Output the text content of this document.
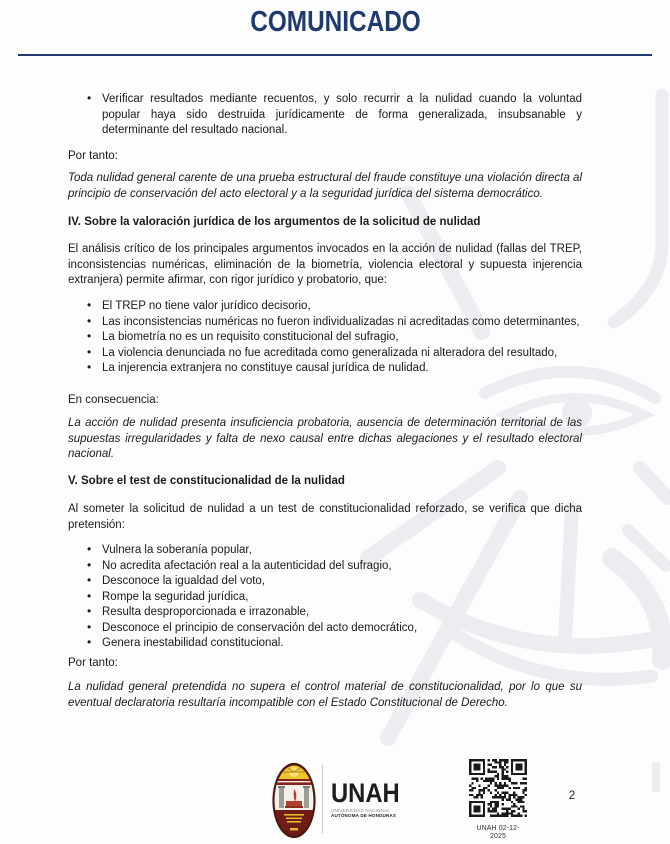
COMUNICADO
• Verificar resultados mediante recuentos, y solo recurrir a la nulidad cuando la voluntad popular haya sido destruida jurídicamente de forma generalizada, insubsanable y determinante del resultado nacional.

Por tanto:

Toda nulidad general carente de una prueba estructural del fraude constituye una violación directa al principio de conservación del acto electoral y a la seguridad jurídica del sistema democrático.

IV. Sobre la valoración jurídica de los argumentos de la solicitud de nulidad

El análisis crítico de los principales argumentos invocados en la acción de nulidad (fallas del TREP, inconsistencias numéricas, eliminación de la biometría, violencia electoral y supuesta injerencia extranjera) permite afirmar, con rigor jurídico y probatorio, que:

• El TREP no tiene valor jurídico decisorio,
• Las inconsistencias numéricas no fueron individualizadas ni acreditadas como determinantes,
• La biometría no es un requisito constitucional del sufragio,
• La violencia denunciada no fue acreditada como generalizada ni alteradora del resultado,
• La injerencia extranjera no constituye causal jurídica de nulidad.

En consecuencia:

La acción de nulidad presenta insuficiencia probatoria, ausencia de determinación territorial de las supuestas irregularidades y falta de nexo causal entre dichas alegaciones y el resultado electoral nacional.

V. Sobre el test de constitucionalidad de la nulidad

Al someter la solicitud de nulidad a un test de constitucionalidad reforzado, se verifica que dicha pretensión:

• Vulnera la soberanía popular,
• No acredita afectación real a la autenticidad del sufragio,
• Desconoce la igualdad del voto,
• Rompe la seguridad jurídica,
• Resulta desproporcionada e irrazonable,
• Desconoce el principio de conservación del acto democrático,
• Genera inestabilidad constitucional.

Por tanto:

La nulidad general pretendida no supera el control material de constitucionalidad, por lo que su eventual declaratoria resultaría incompatible con el Estado Constitucional de Derecho.

UNAH
UNIVERSIDAD NACIONAL
AUTÓNOMA DE HONDURAS
UNAH 02-12-2025
2
